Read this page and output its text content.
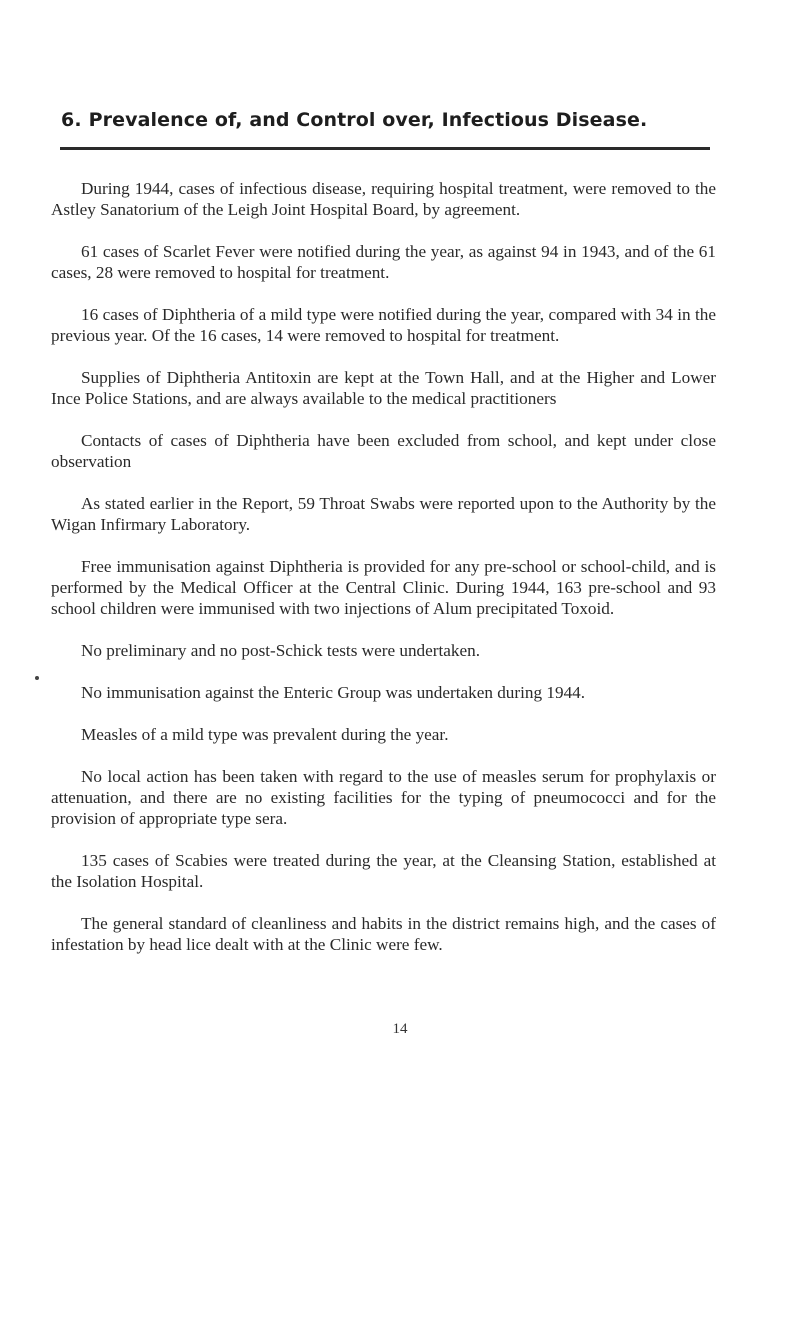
6. Prevalence of, and Control over, Infectious Disease.

During 1944, cases of infectious disease, requiring hospital treatment, were removed to the Astley Sanatorium of the Leigh Joint Hospital Board, by agreement.

61 cases of Scarlet Fever were notified during the year, as against 94 in 1943, and of the 61 cases, 28 were removed to hospital for treatment.

16 cases of Diphtheria of a mild type were notified during the year, compared with 34 in the previous year. Of the 16 cases, 14 were removed to hospital for treatment.

Supplies of Diphtheria Antitoxin are kept at the Town Hall, and at the Higher and Lower Ince Police Stations, and are always available to the medical practitioners

Contacts of cases of Diphtheria have been excluded from school, and kept under close observation

As stated earlier in the Report, 59 Throat Swabs were reported upon to the Authority by the Wigan Infirmary Laboratory.

Free immunisation against Diphtheria is provided for any pre-school or school-child, and is performed by the Medical Officer at the Central Clinic. During 1944, 163 pre-school and 93 school children were immunised with two injections of Alum precipitated Toxoid.

No preliminary and no post-Schick tests were undertaken.

No immunisation against the Enteric Group was undertaken during 1944.

Measles of a mild type was prevalent during the year.

No local action has been taken with regard to the use of measles serum for prophylaxis or attenuation, and there are no existing facilities for the typing of pneumococci and for the provision of appropriate type sera.

135 cases of Scabies were treated during the year, at the Cleansing Station, established at the Isolation Hospital.

The general standard of cleanliness and habits in the district remains high, and the cases of infestation by head lice dealt with at the Clinic were few.

14
